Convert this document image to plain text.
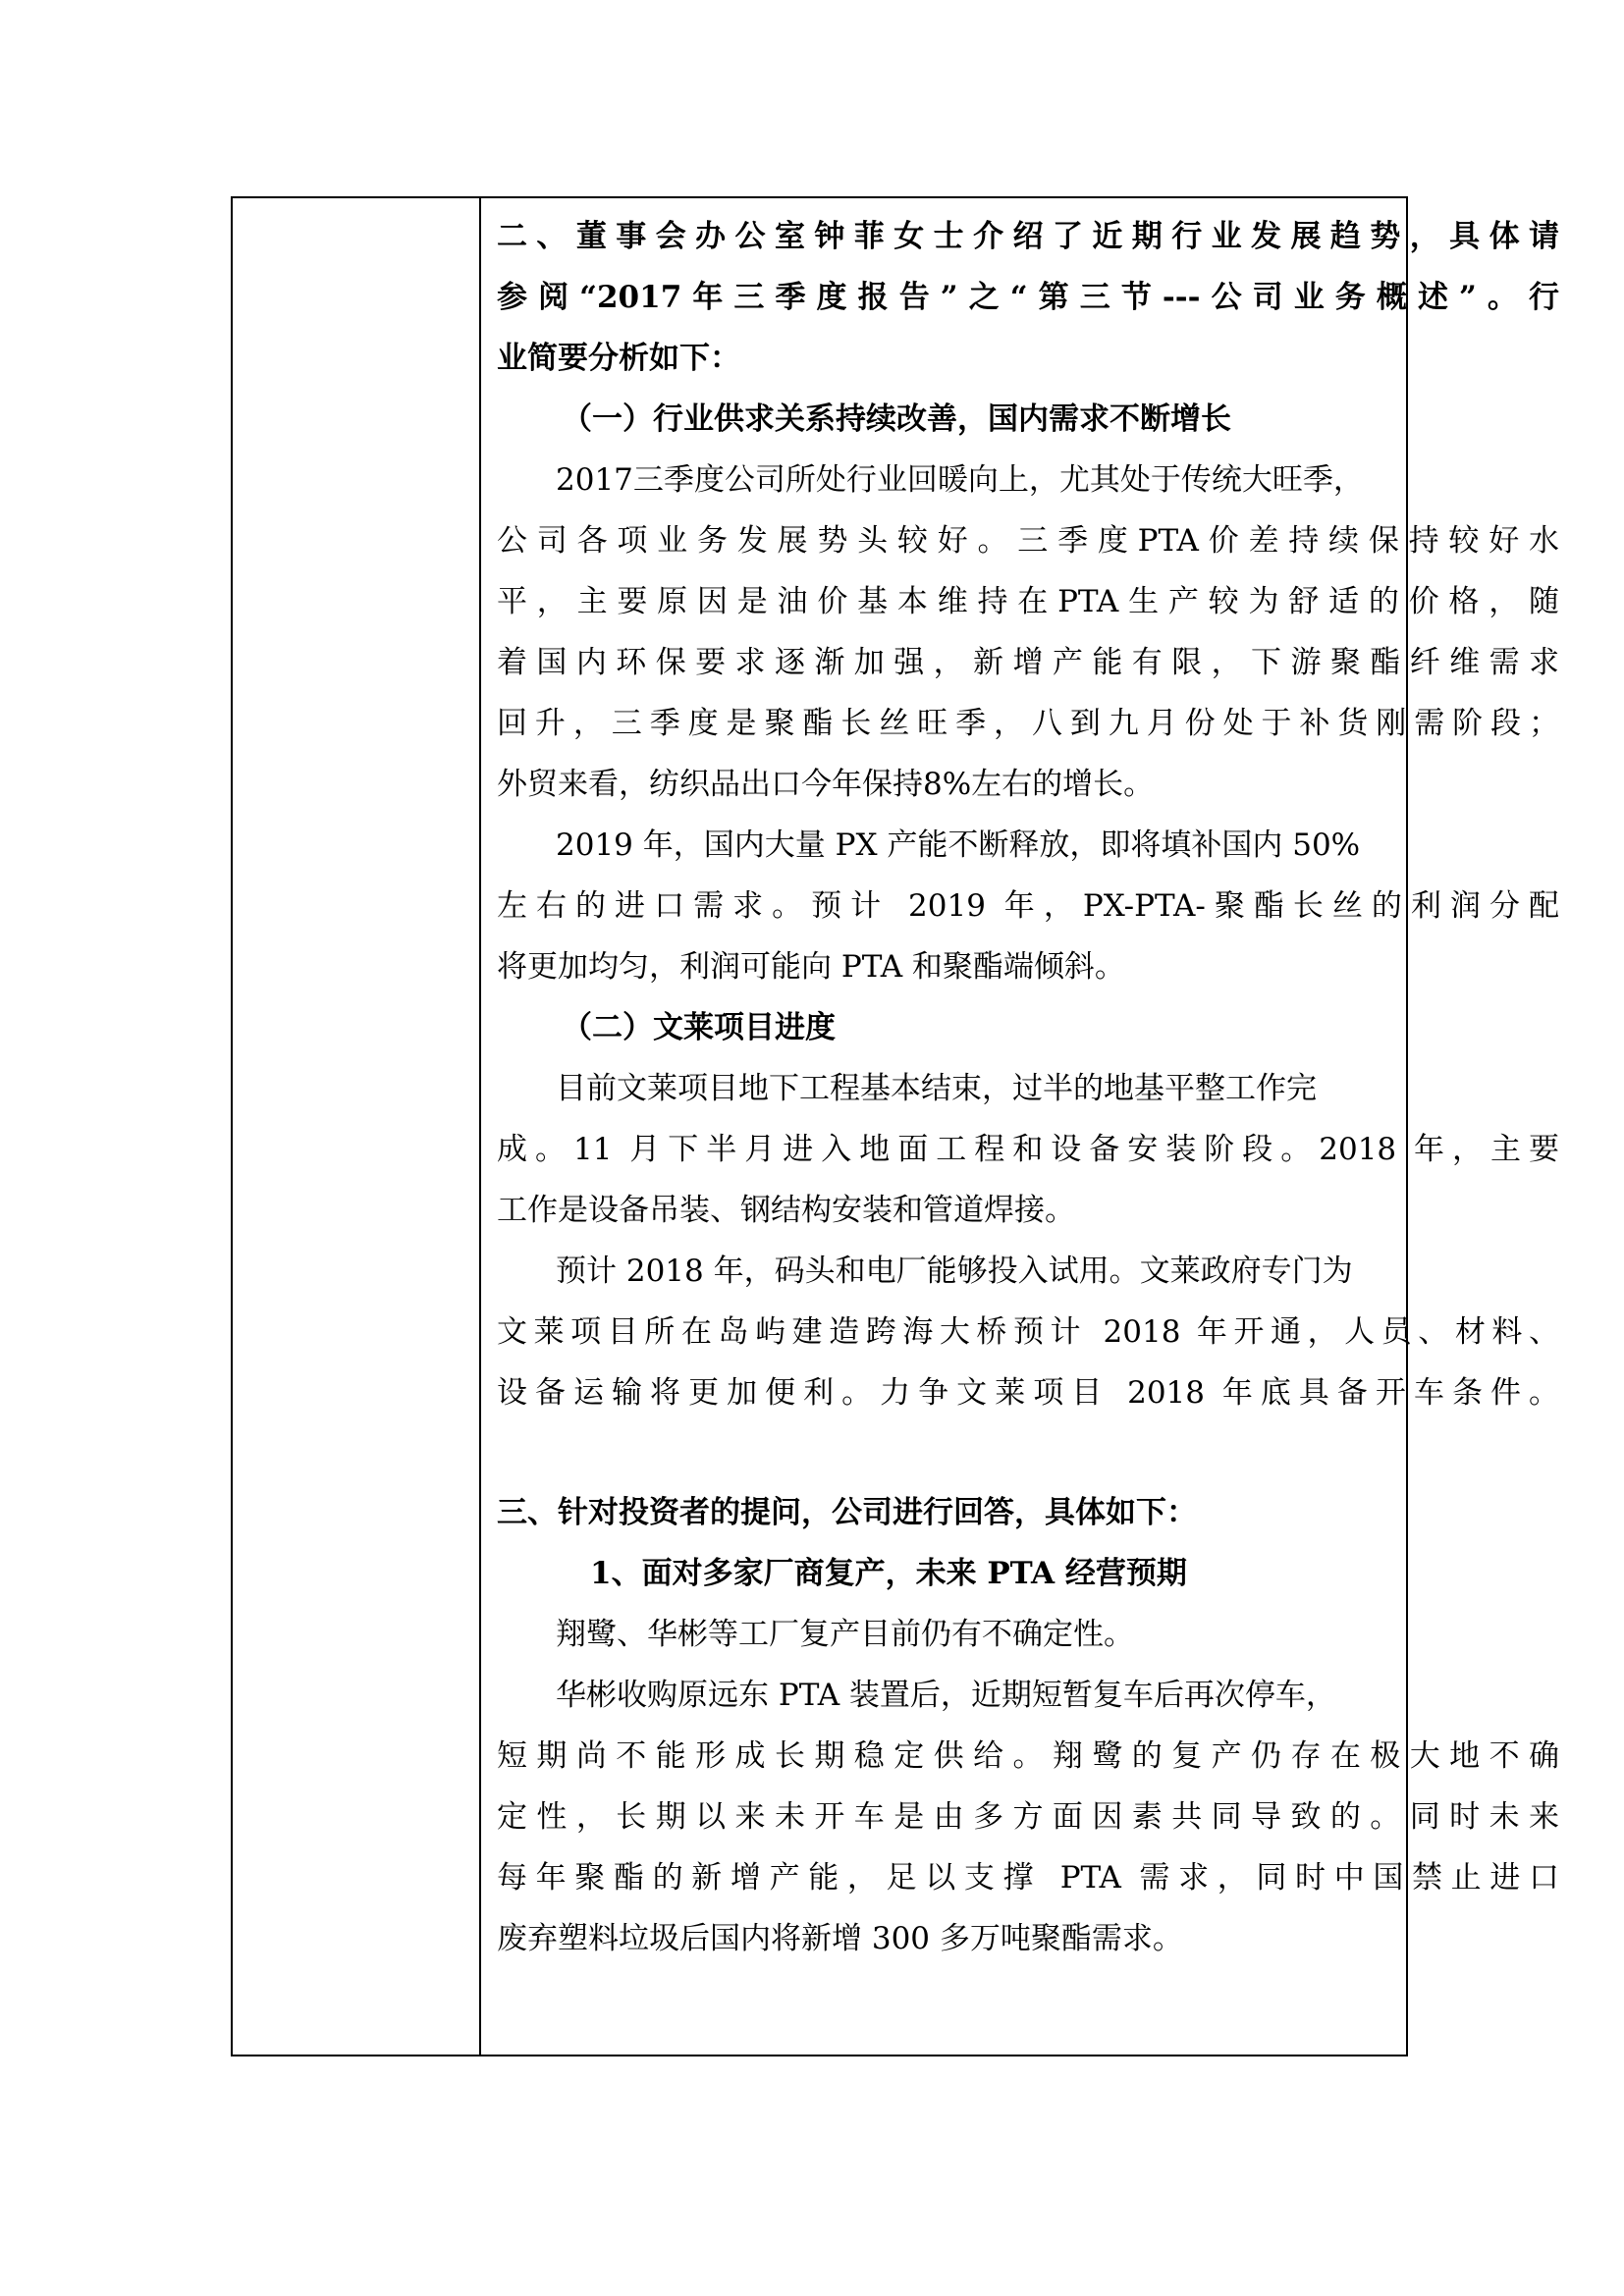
二、董事会办公室钟菲女士介绍了近期行业发展趋势，具体请
参阅“2017年三季度报告”之“第三节---公司业务概述”。行
业简要分析如下：
（一）行业供求关系持续改善，国内需求不断增长
2017三季度公司所处行业回暖向上，尤其处于传统大旺季，
公司各项业务发展势头较好。三季度PTA价差持续保持较好水
平，主要原因是油价基本维持在PTA生产较为舒适的价格，随
着国内环保要求逐渐加强，新增产能有限，下游聚酯纤维需求
回升，三季度是聚酯长丝旺季，八到九月份处于补货刚需阶段；
外贸来看，纺织品出口今年保持8%左右的增长。
2019 年，国内大量 PX 产能不断释放，即将填补国内 50%
左右的进口需求。预计 2019 年，PX-PTA-聚酯长丝的利润分配
将更加均匀，利润可能向 PTA 和聚酯端倾斜。
（二）文莱项目进度
目前文莱项目地下工程基本结束，过半的地基平整工作完
成。11 月下半月进入地面工程和设备安装阶段。2018 年，主要
工作是设备吊装、钢结构安装和管道焊接。
预计 2018 年，码头和电厂能够投入试用。文莱政府专门为
文莱项目所在岛屿建造跨海大桥预计 2018 年开通，人员、材料、
设备运输将更加便利。力争文莱项目 2018 年底具备开车条件。
三、针对投资者的提问，公司进行回答，具体如下：
1、面对多家厂商复产，未来 PTA 经营预期
翔鹭、华彬等工厂复产目前仍有不确定性。
华彬收购原远东 PTA 装置后，近期短暂复车后再次停车，
短期尚不能形成长期稳定供给。翔鹭的复产仍存在极大地不确
定性，长期以来未开车是由多方面因素共同导致的。同时未来
每年聚酯的新增产能，足以支撑 PTA 需求，同时中国禁止进口
废弃塑料垃圾后国内将新增 300 多万吨聚酯需求。
